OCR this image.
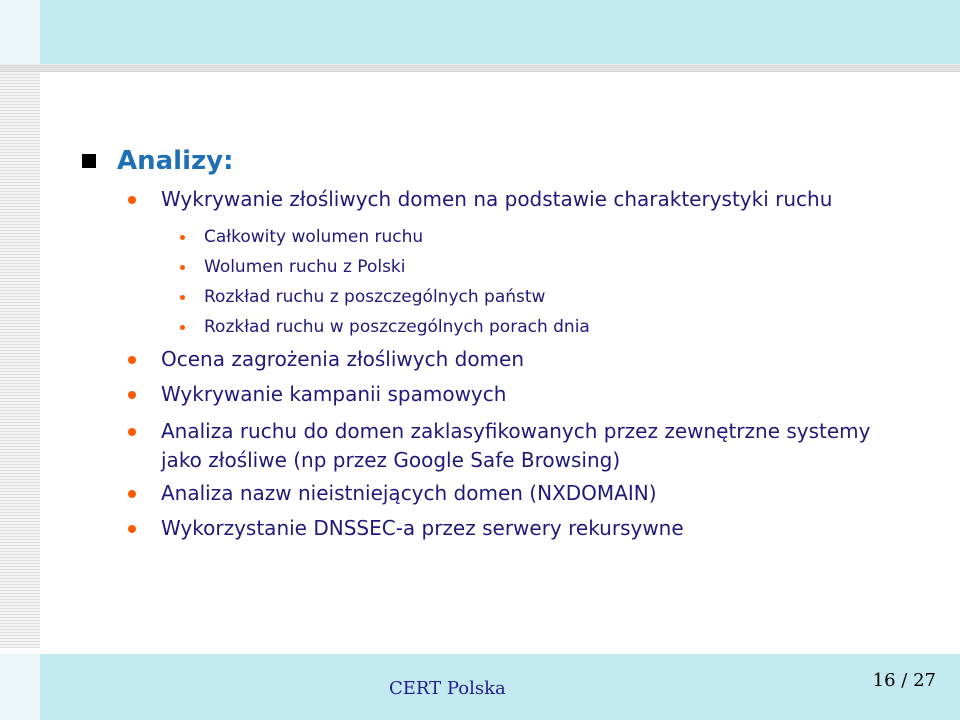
Analizy:
Wykrywanie złośliwych domen na podstawie charakterystyki ruchu
Całkowity wolumen ruchu
Wolumen ruchu z Polski
Rozkład ruchu z poszczególnych państw
Rozkład ruchu w poszczególnych porach dnia
Ocena zagrożenia złośliwych domen
Wykrywanie kampanii spamowych
Analiza ruchu do domen zaklasyfikowanych przez zewnętrzne systemy jako złośliwe (np przez Google Safe Browsing)
Analiza nazw nieistniejących domen (NXDOMAIN)
Wykorzystanie DNSSEC-a przez serwery rekursywne
CERT Polska	16 / 27
